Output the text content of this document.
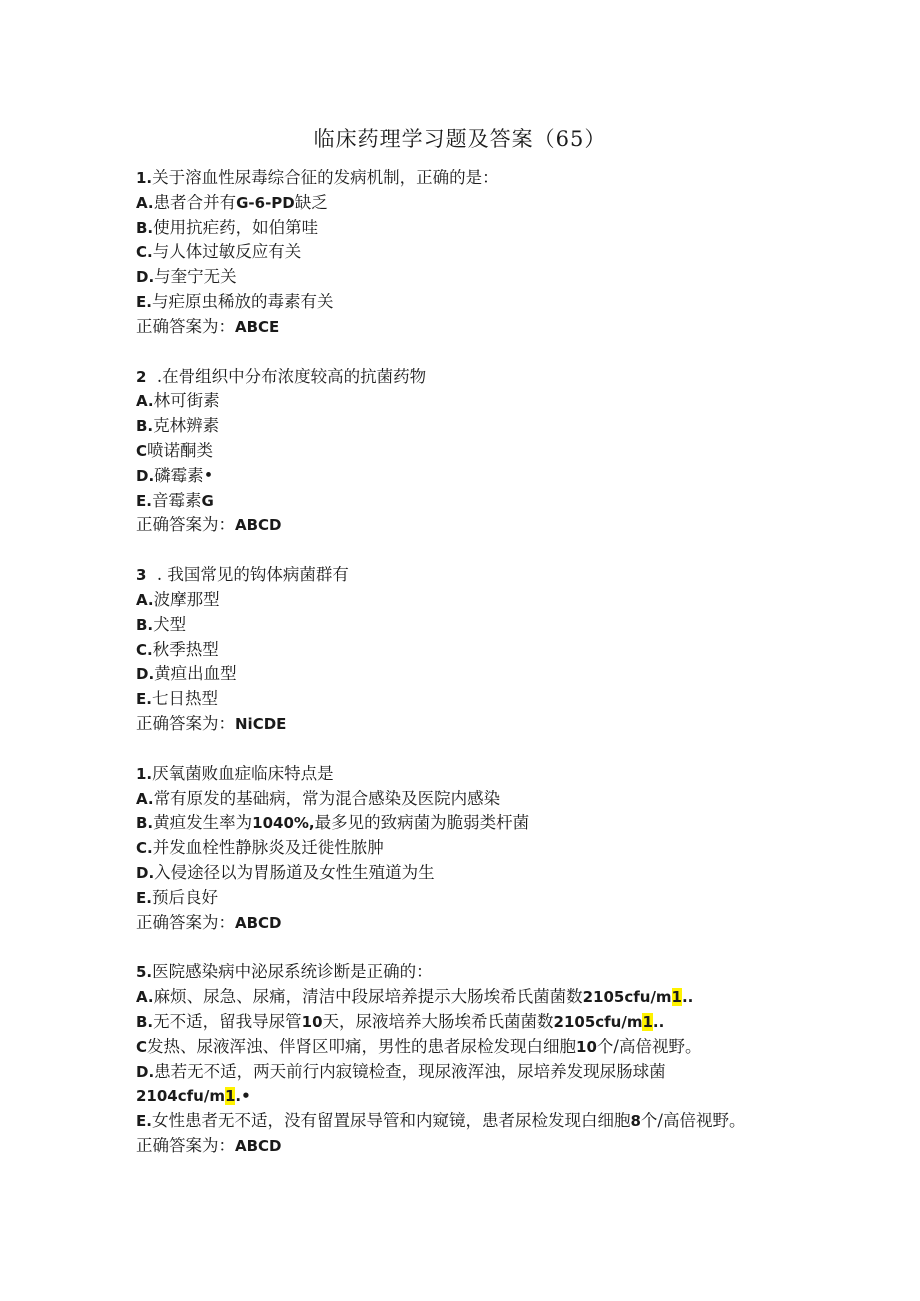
临床药理学习题及答案（65）
1.关于溶血性尿毒综合征的发病机制，正确的是：
A.患者合并有G-6-PD缺乏
B.使用抗疟药，如伯第哇
C.与人体过敏反应有关
D.与奎宁无关
E.与疟原虫稀放的毒素有关
正确答案为：ABCE
2  .在骨组织中分布浓度较高的抗菌药物
A.林可街素
B.克林辨素
C喷诺酮类
D.磷霉素•
E.音霉素G
正确答案为：ABCD
3  . 我国常见的钩体病菌群有
A.波摩那型
B.犬型
C.秋季热型
D.黄疸出血型
E.七日热型
正确答案为：NiCDE
1.厌氧菌败血症临床特点是
A.常有原发的基础病，常为混合感染及医院内感染
B.黄疸发生率为1040%,最多见的致病菌为脆弱类杆菌
C.并发血栓性静脉炎及迁徙性脓肿
D.入侵途径以为胃肠道及女性生殖道为生
E.预后良好
正确答案为：ABCD
5.医院感染病中泌尿系统诊断是正确的：
A.麻烦、尿急、尿痛，清洁中段尿培养提示大肠埃希氏菌菌数2105cfu/m1..
B.无不适，留我导尿管10天，尿液培养大肠埃希氏菌菌数2105cfu/m1..
C发热、尿液浑浊、伴肾区叩痛，男性的患者尿检发现白细胞10个/高倍视野。
D.患若无不适，两天前行内寂镜检查，现尿液浑浊，尿培养发现尿肠球菌
2104cfu/m1.•
E.女性患者无不适，没有留置尿导管和内窥镜，患者尿检发现白细胞8个/高倍视野。
正确答案为：ABCD
